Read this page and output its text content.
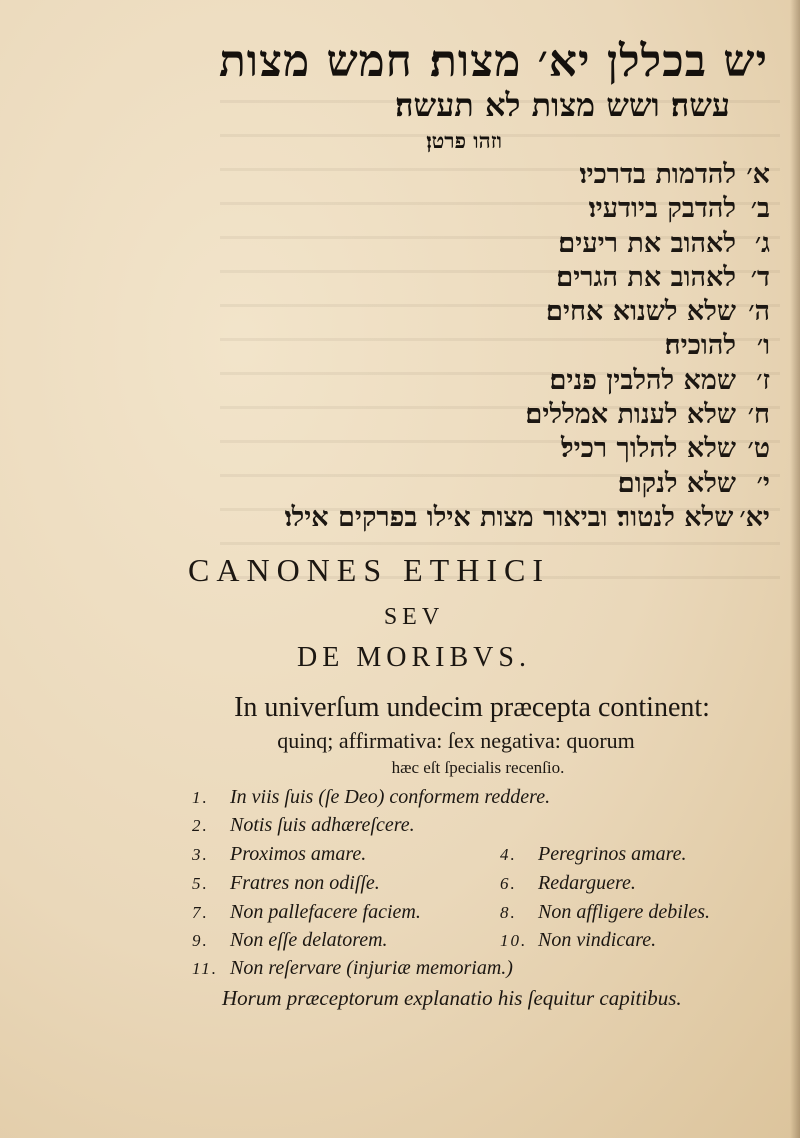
יש בכללן יא׳ מצות׃ חמש מצות
עשה׃ ושש מצות לא תעשה׃
וזהו פרטן׃
א׳להדמות בדרכיו׃
ב׳להדבק ביודעיו׃
ג׳לאהוב את ריעים׃
ד׳לאהוב את הגרים׃
ה׳שלא לשנוא אחים׃
ו׳להוכיח׃
ז׳שמא להלבין פנים׃
ח׳שלא לענות אמללים׃
ט׳שלא להלוך רכיל׃
י׳שלא לנקום׃
יא׳שלא לנטור׃ וביאור מצות אילו בפרקים אילו׃
CANONES ETHICI
SEV
DE MORIBVS.
In univerſum undecim præcepta continent:
quinq; affirmativa: ſex negativa: quorum
hæc eſt ſpecialis recenſio.
1. In viis ſuis (ſe Deo) conformem reddere.
2. Notis ſuis adhæreſcere.
3. Proximos amare.	4. Peregrinos amare.
5. Fratres non odiſſe.	6. Redarguere.
7. Non pallefacere faciem.	8. Non affligere debiles.
9. Non eſſe delatorem.	10. Non vindicare.
11. Non reſervare (injuriæ memoriam.)
Horum præceptorum explanatio his ſequitur capitibus.
